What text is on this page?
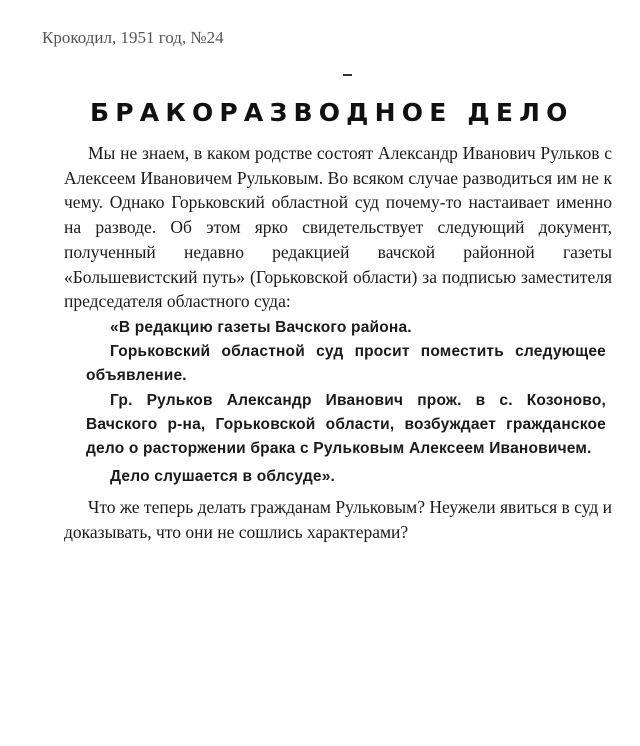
Крокодил, 1951 год, №24
БРАКОРАЗВОДНОЕ ДЕЛО

Мы не знаем, в каком родстве состоят Александр Иванович Рульков с Алексеем Ивановичем Рульковым. Во всяком случае разводиться им не к чему. Однако Горьковский областной суд почему-то настаивает именно на разводе. Об этом ярко свидетельствует следующий документ, полученный недавно редакцией вачской районной газеты «Большевистский путь» (Горьковской области) за подписью заместителя председателя областного суда:

«В редакцию газеты Вачского района.

Горьковский областной суд просит поместить следующее объявление.

Гр. Рульков Александр Иванович прож. в с. Козоново, Вачского р-на, Горьковской области, возбуждает гражданское дело о расторжении брака с Рульковым Алексеем Ивановичем.

Дело слушается в облсуде».

Что же теперь делать гражданам Рульковым? Неужели явиться в суд и доказывать, что они не сошлись характерами?
